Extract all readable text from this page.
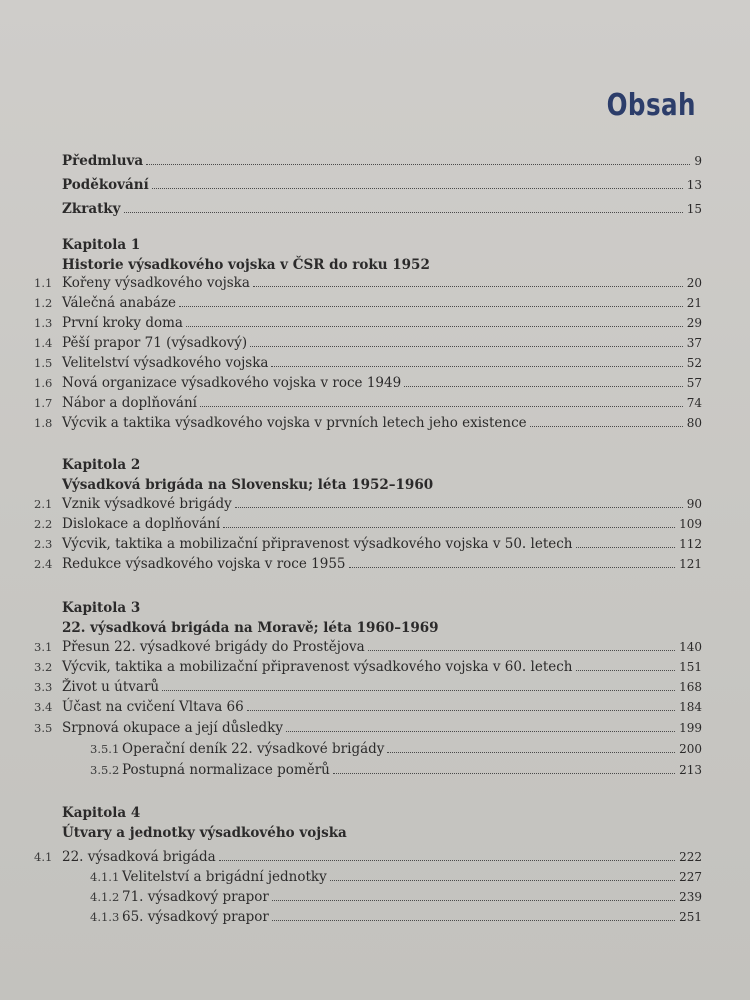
Obsah
Předmluva	9
Poděkování	13
Zkratky	15
Kapitola 1
Historie výsadkového vojska v ČSR do roku 1952
1.1 Kořeny výsadkového vojska	20
1.2 Válečná anabáze	21
1.3 První kroky doma	29
1.4 Pěší prapor 71 (výsadkový)	37
1.5 Velitelství výsadkového vojska	52
1.6 Nová organizace výsadkového vojska v roce 1949	57
1.7 Nábor a doplňování	74
1.8 Výcvik a taktika výsadkového vojska v prvních letech jeho existence	80
Kapitola 2
Výsadková brigáda na Slovensku; léta 1952–1960
2.1 Vznik výsadkové brigády	90
2.2 Dislokace a doplňování	109
2.3 Výcvik, taktika a mobilizační připravenost výsadkového vojska v 50. letech	112
2.4 Redukce výsadkového vojska v roce 1955	121
Kapitola 3
22. výsadková brigáda na Moravě; léta 1960–1969
3.1 Přesun 22. výsadkové brigády do Prostějova	140
3.2 Výcvik, taktika a mobilizační připravenost výsadkového vojska v 60. letech	151
3.3 Život u útvarů	168
3.4 Účast na cvičení Vltava 66	184
3.5 Srpnová okupace a její důsledky	199
3.5.1 Operační deník 22. výsadkové brigády	200
3.5.2 Postupná normalizace poměrů	213
Kapitola 4
Útvary a jednotky výsadkového vojska
4.1 22. výsadková brigáda	222
4.1.1 Velitelství a brigádní jednotky	227
4.1.2 71. výsadkový prapor	239
4.1.3 65. výsadkový prapor	251
